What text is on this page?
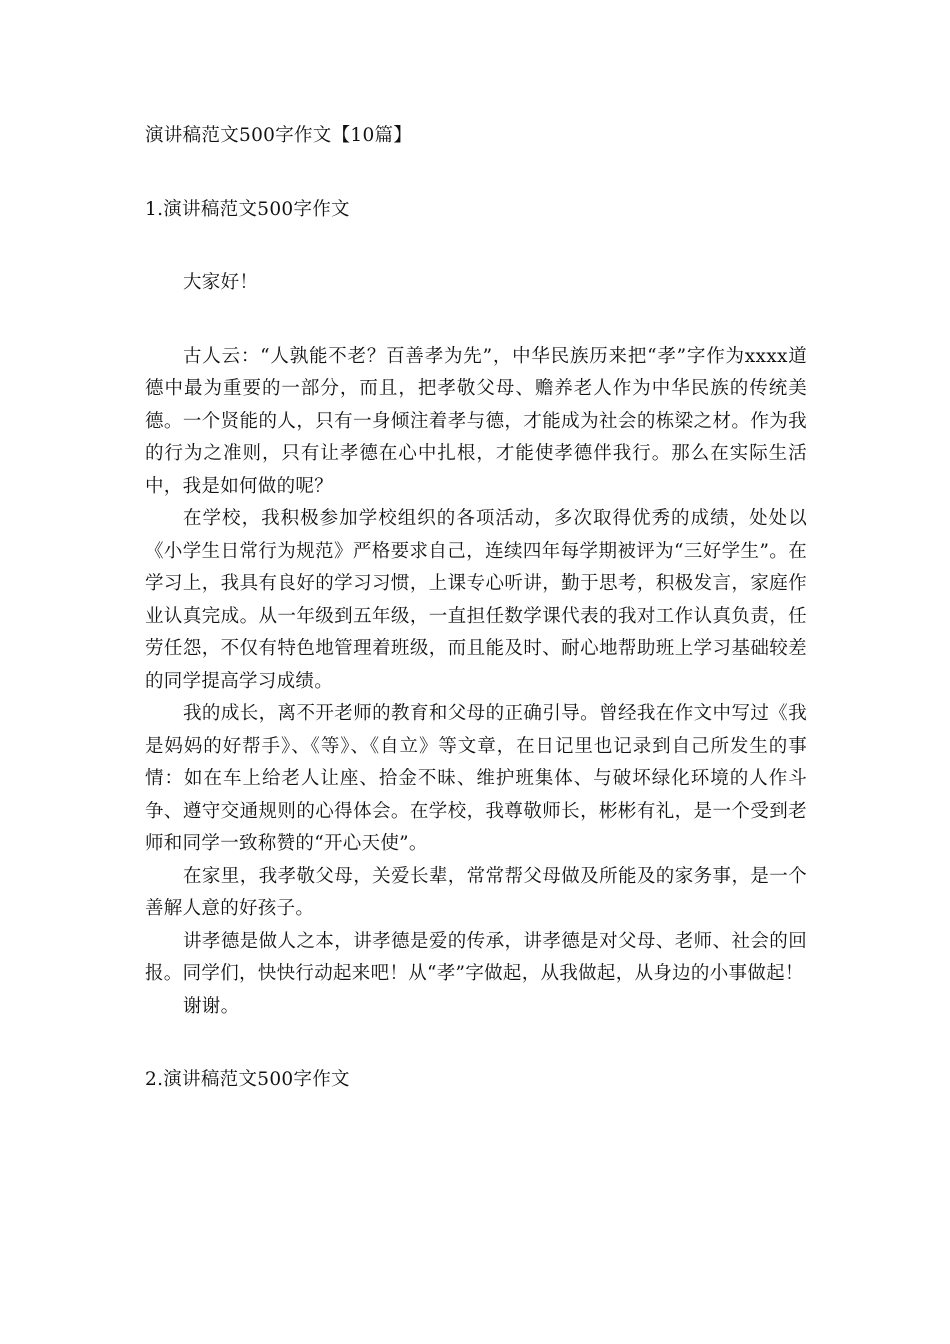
演讲稿范文500字作文【10篇】

1.演讲稿范文500字作文

大家好！

古人云：“人孰能不老？百善孝为先”，中华民族历来把“孝”字作为xxxx道德中最为重要的一部分，而且，把孝敬父母、赡养老人作为中华民族的传统美德。一个贤能的人，只有一身倾注着孝与德，才能成为社会的栋梁之材。作为我的行为之准则，只有让孝德在心中扎根，才能使孝德伴我行。那么在实际生活中，我是如何做的呢？

在学校，我积极参加学校组织的各项活动，多次取得优秀的成绩，处处以《小学生日常行为规范》严格要求自己，连续四年每学期被评为“三好学生”。在学习上，我具有良好的学习习惯，上课专心听讲，勤于思考，积极发言，家庭作业认真完成。从一年级到五年级，一直担任数学课代表的我对工作认真负责，任劳任怨，不仅有特色地管理着班级，而且能及时、耐心地帮助班上学习基础较差的同学提高学习成绩。

我的成长，离不开老师的教育和父母的正确引导。曾经我在作文中写过《我是妈妈的好帮手》、《等》、《自立》等文章，在日记里也记录到自己所发生的事情：如在车上给老人让座、拾金不昧、维护班集体、与破坏绿化环境的人作斗争、遵守交通规则的心得体会。在学校，我尊敬师长，彬彬有礼，是一个受到老师和同学一致称赞的“开心天使”。

在家里，我孝敬父母，关爱长辈，常常帮父母做及所能及的家务事，是一个善解人意的好孩子。

讲孝德是做人之本，讲孝德是爱的传承，讲孝德是对父母、老师、社会的回报。同学们，快快行动起来吧！从“孝”字做起，从我做起，从身边的小事做起！

谢谢。

2.演讲稿范文500字作文
